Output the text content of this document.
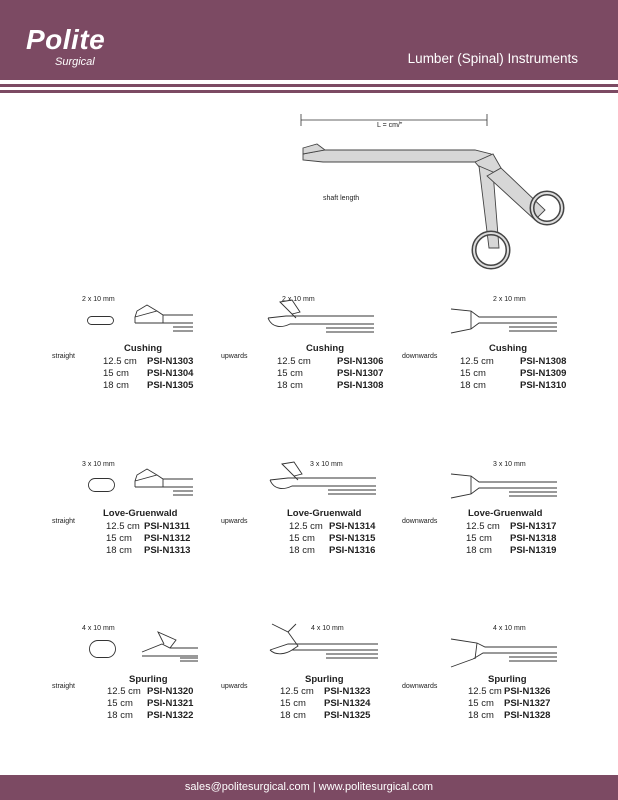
Polite
Surgical	Lumber (Spinal) Instruments
L = cm/"
shaft length
2 x 10 mm	2 x 10 mm	2 x 10 mm
straight
Cushing
12.5 cm PSI-N1303
15 cm PSI-N1304
18 cm PSI-N1305
upwards
Cushing
12.5 cm	PSI-N1306
15 cm	PSI-N1307
18 cm	PSI-N1308
downwards
Cushing
12.5 cm	PSI-N1308
15 cm	PSI-N1309
18 cm	PSI-N1310
3 x 10 mm	3 x 10 mm	3 x 10 mm
straight
Love-Gruenwald
12.5 cm PSI-N1311
15 cm PSI-N1312
18 cm PSI-N1313
upwards
Love-Gruenwald
12.5 cm PSI-N1314
15 cm PSI-N1315
18 cm PSI-N1316
downwards
Love-Gruenwald
12.5 cm PSI-N1317
15 cm PSI-N1318
18 cm PSI-N1319
4 x 10 mm	4 x 10 mm	4 x 10 mm
straight
Spurling
12.5 cm PSI-N1320
15 cm PSI-N1321
18 cm PSI-N1322
upwards
Spurling
12.5 cm PSI-N1323
15 cm PSI-N1324
18 cm PSI-N1325
downwards
Spurling
12.5 cm PSI-N1326
15 cm PSI-N1327
18 cm PSI-N1328
sales@politesurgical.com | www.politesurgical.com
